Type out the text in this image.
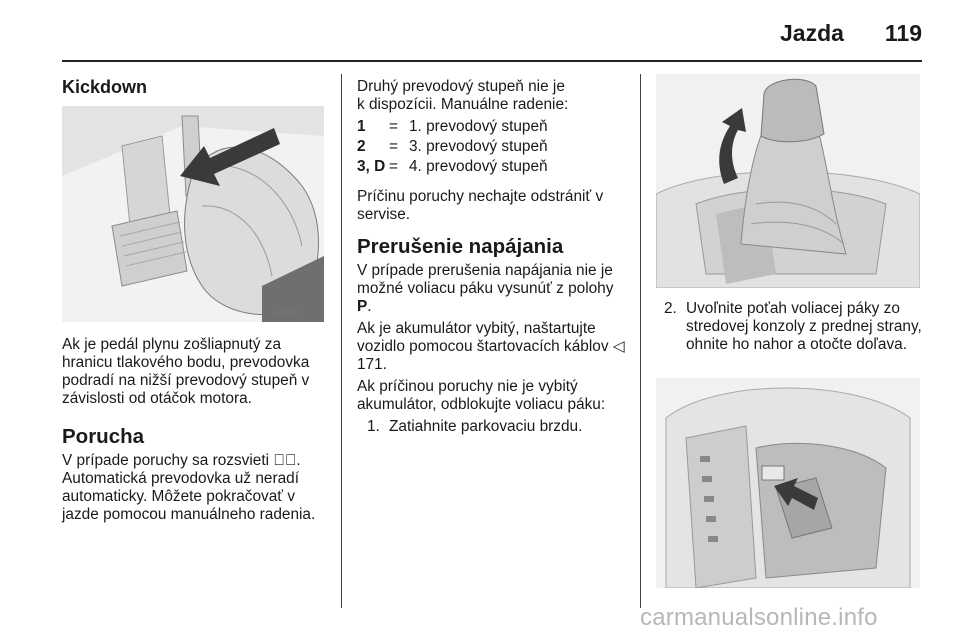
Jazda	119
Kickdown
30048

Ak je pedál plynu zošliapnutý za hranicu tlakového bodu, prevodovka podradí na nižší prevodový stupeň v závislosti od otáčok motora.

Porucha

V prípade poruchy sa rozsvieti ⊲⃝. Automatická prevodovka už neradí automaticky. Môžete pokračovať v jazde pomocou manuálneho radenia.

Druhý prevodový stupeň nie je

k dispozícii. Manuálne radenie:

1	= 1. prevodový stupeň
2	= 3. prevodový stupeň
3, D = 4. prevodový stupeň

Príčinu poruchy nechajte odstrániť v servise.

Prerušenie napájania

V prípade prerušenia napájania nie je možné voliacu páku vysunúť z polohy P.

Ak je akumulátor vybitý, naštartujte vozidlo pomocou štartovacích káblov ◁ 171.

Ak príčinou poruchy nie je vybitý akumulátor, odblokujte voliacu páku:

1. Zatiahnite parkovaciu brzdu.
2. Uvoľnite poťah voliacej páky zo stredovej konzoly z prednej strany, ohnite ho nahor a otočte doľava.
carmanualsonline.info
